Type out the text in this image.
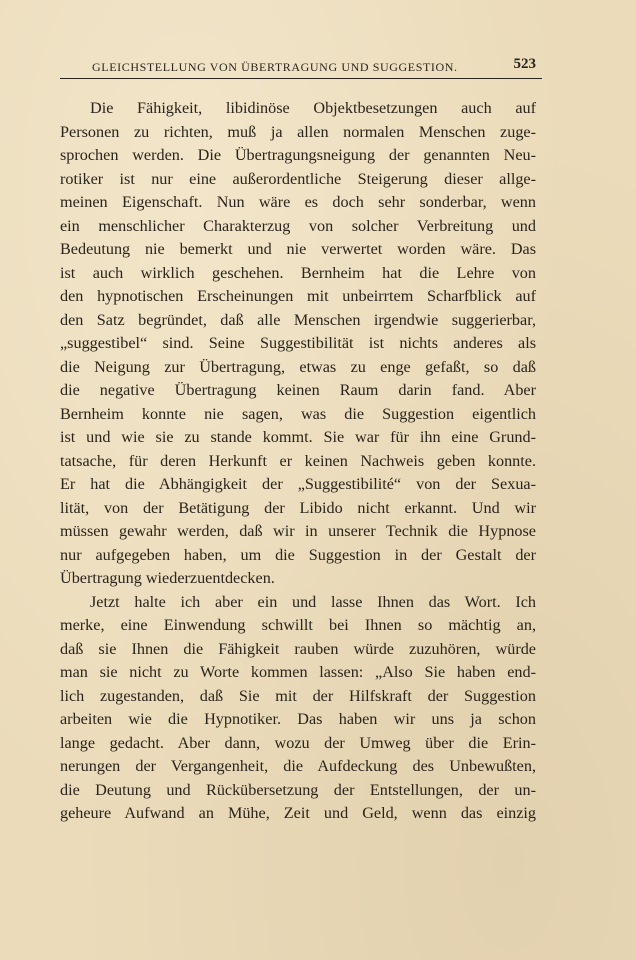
GLEICHSTELLUNG VON ÜBERTRAGUNG UND SUGGESTION.	523
Die Fähigkeit, libidinöse Objektbesetzungen auch auf
Personen zu richten, muß ja allen normalen Menschen zuge-
sprochen werden. Die Übertragungsneigung der genannten Neu-
rotiker ist nur eine außerordentliche Steigerung dieser allge-
meinen Eigenschaft. Nun wäre es doch sehr sonderbar, wenn
ein menschlicher Charakterzug von solcher Verbreitung und
Bedeutung nie bemerkt und nie verwertet worden wäre. Das
ist auch wirklich geschehen. Bernheim hat die Lehre von
den hypnotischen Erscheinungen mit unbeirrtem Scharfblick auf
den Satz begründet, daß alle Menschen irgendwie suggerierbar,
„suggestibel“ sind. Seine Suggestibilität ist nichts anderes als
die Neigung zur Übertragung, etwas zu enge gefaßt, so daß
die negative Übertragung keinen Raum darin fand. Aber
Bernheim konnte nie sagen, was die Suggestion eigentlich
ist und wie sie zu stande kommt. Sie war für ihn eine Grund-
tatsache, für deren Herkunft er keinen Nachweis geben konnte.
Er hat die Abhängigkeit der „Suggestibilité“ von der Sexua-
lität, von der Betätigung der Libido nicht erkannt. Und wir
müssen gewahr werden, daß wir in unserer Technik die Hypnose
nur aufgegeben haben, um die Suggestion in der Gestalt der
Übertragung wiederzuentdecken.
Jetzt halte ich aber ein und lasse Ihnen das Wort. Ich
merke, eine Einwendung schwillt bei Ihnen so mächtig an,
daß sie Ihnen die Fähigkeit rauben würde zuzuhören, würde
man sie nicht zu Worte kommen lassen: „Also Sie haben end-
lich zugestanden, daß Sie mit der Hilfskraft der Suggestion
arbeiten wie die Hypnotiker. Das haben wir uns ja schon
lange gedacht. Aber dann, wozu der Umweg über die Erin-
nerungen der Vergangenheit, die Aufdeckung des Unbewußten,
die Deutung und Rückübersetzung der Entstellungen, der un-
geheure Aufwand an Mühe, Zeit und Geld, wenn das einzig
